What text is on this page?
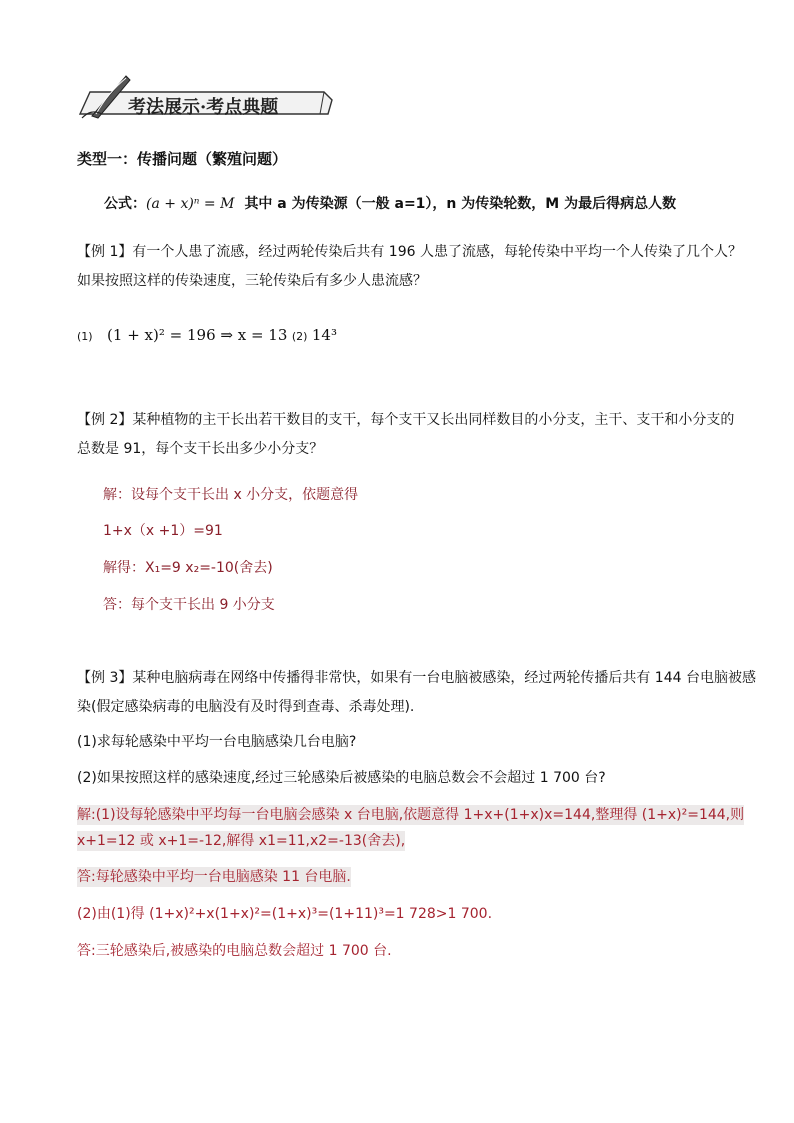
考法展示·考点典题
类型一：传播问题（繁殖问题）
公式：(a + x)ⁿ = M 其中 a 为传染源（一般 a=1），n 为传染轮数，M 为最后得病总人数
【例 1】有一个人患了流感，经过两轮传染后共有 196 人患了流感，每轮传染中平均一个人传染了几个人？
如果按照这样的传染速度，三轮传染后有多少人患流感？
(1) (1 + x)² = 196 ⇒ x = 13 (2) 14³
【例 2】某种植物的主干长出若干数目的支干，每个支干又长出同样数目的小分支，主干、支干和小分支的
总数是 91，每个支干长出多少小分支？
解：设每个支干长出 x 小分支，依题意得
1+x（x +1）=91
解得：X₁=9 x₂=-10(舍去)
答：每个支干长出 9 小分支
【例 3】某种电脑病毒在网络中传播得非常快，如果有一台电脑被感染，经过两轮传播后共有 144 台电脑被感
染(假定感染病毒的电脑没有及时得到查毒、杀毒处理).
(1)求每轮感染中平均一台电脑感染几台电脑?
(2)如果按照这样的感染速度,经过三轮感染后被感染的电脑总数会不会超过 1 700 台?
解:(1)设每轮感染中平均每一台电脑会感染 x 台电脑,依题意得 1+x+(1+x)x=144,整理得 (1+x)²=144,则
x+1=12 或 x+1=-12,解得 x1=11,x2=-13(舍去),
答:每轮感染中平均一台电脑感染 11 台电脑.
(2)由(1)得 (1+x)²+x(1+x)²=(1+x)³=(1+11)³=1 728>1 700.
答:三轮感染后,被感染的电脑总数会超过 1 700 台.
